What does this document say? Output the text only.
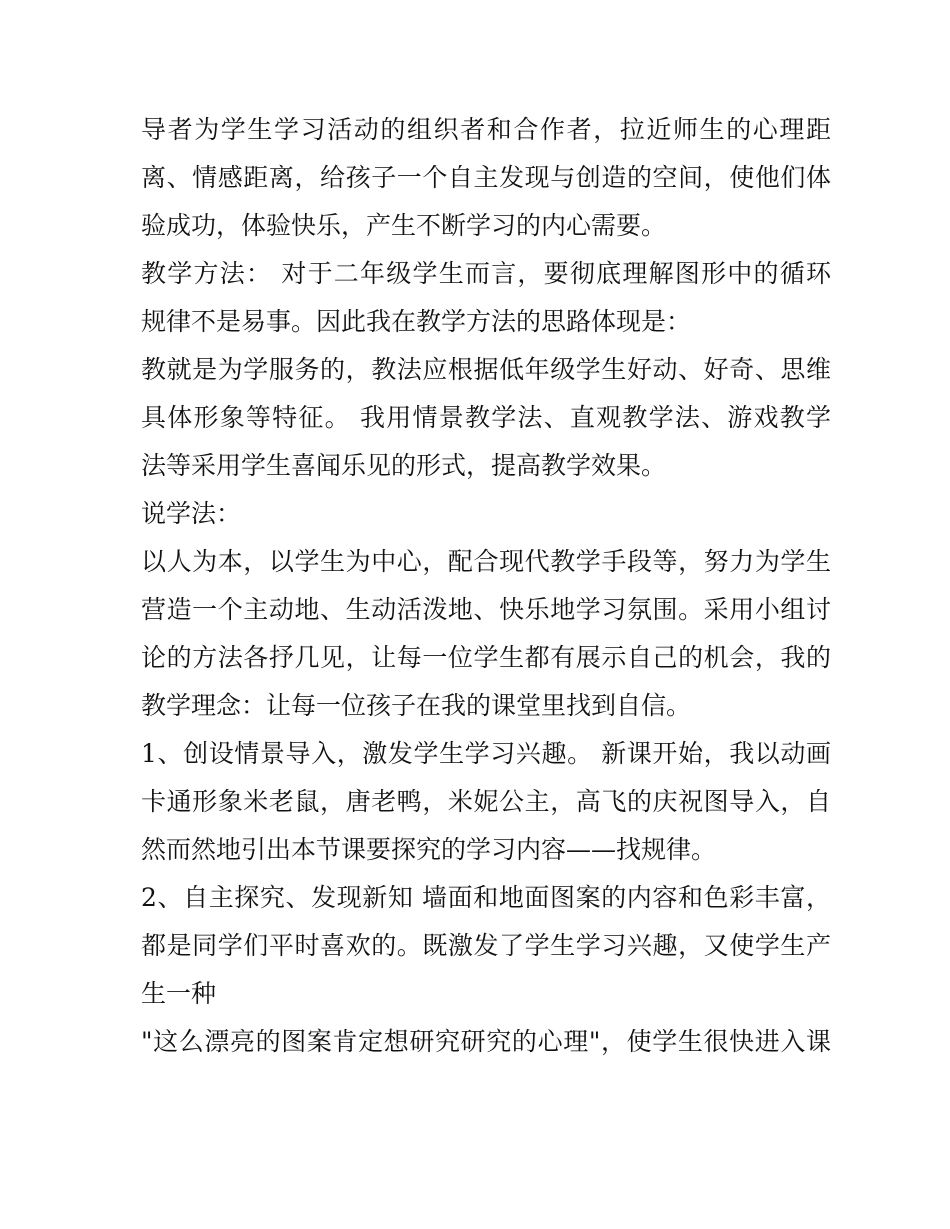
导者为学生学习活动的组织者和合作者，拉近师生的心理距
离、情感距离，给孩子一个自主发现与创造的空间，使他们体
验成功，体验快乐，产生不断学习的内心需要。
教学方法： 对于二年级学生而言，要彻底理解图形中的循环
规律不是易事。因此我在教学方法的思路体现是：
教就是为学服务的，教法应根据低年级学生好动、好奇、思维
具体形象等特征。 我用情景教学法、直观教学法、游戏教学
法等采用学生喜闻乐见的形式，提高教学效果。
说学法：
以人为本，以学生为中心，配合现代教学手段等，努力为学生
营造一个主动地、生动活泼地、快乐地学习氛围。采用小组讨
论的方法各抒几见，让每一位学生都有展示自己的机会，我的
教学理念：让每一位孩子在我的课堂里找到自信。
1、创设情景导入，激发学生学习兴趣。 新课开始，我以动画
卡通形象米老鼠，唐老鸭，米妮公主，高飞的庆祝图导入，自
然而然地引出本节课要探究的学习内容——找规律。
2、自主探究、发现新知 墙面和地面图案的内容和色彩丰富，
都是同学们平时喜欢的。既激发了学生学习兴趣，又使学生产
生一种
"这么漂亮的图案肯定想研究研究的心理"，使学生很快进入课
